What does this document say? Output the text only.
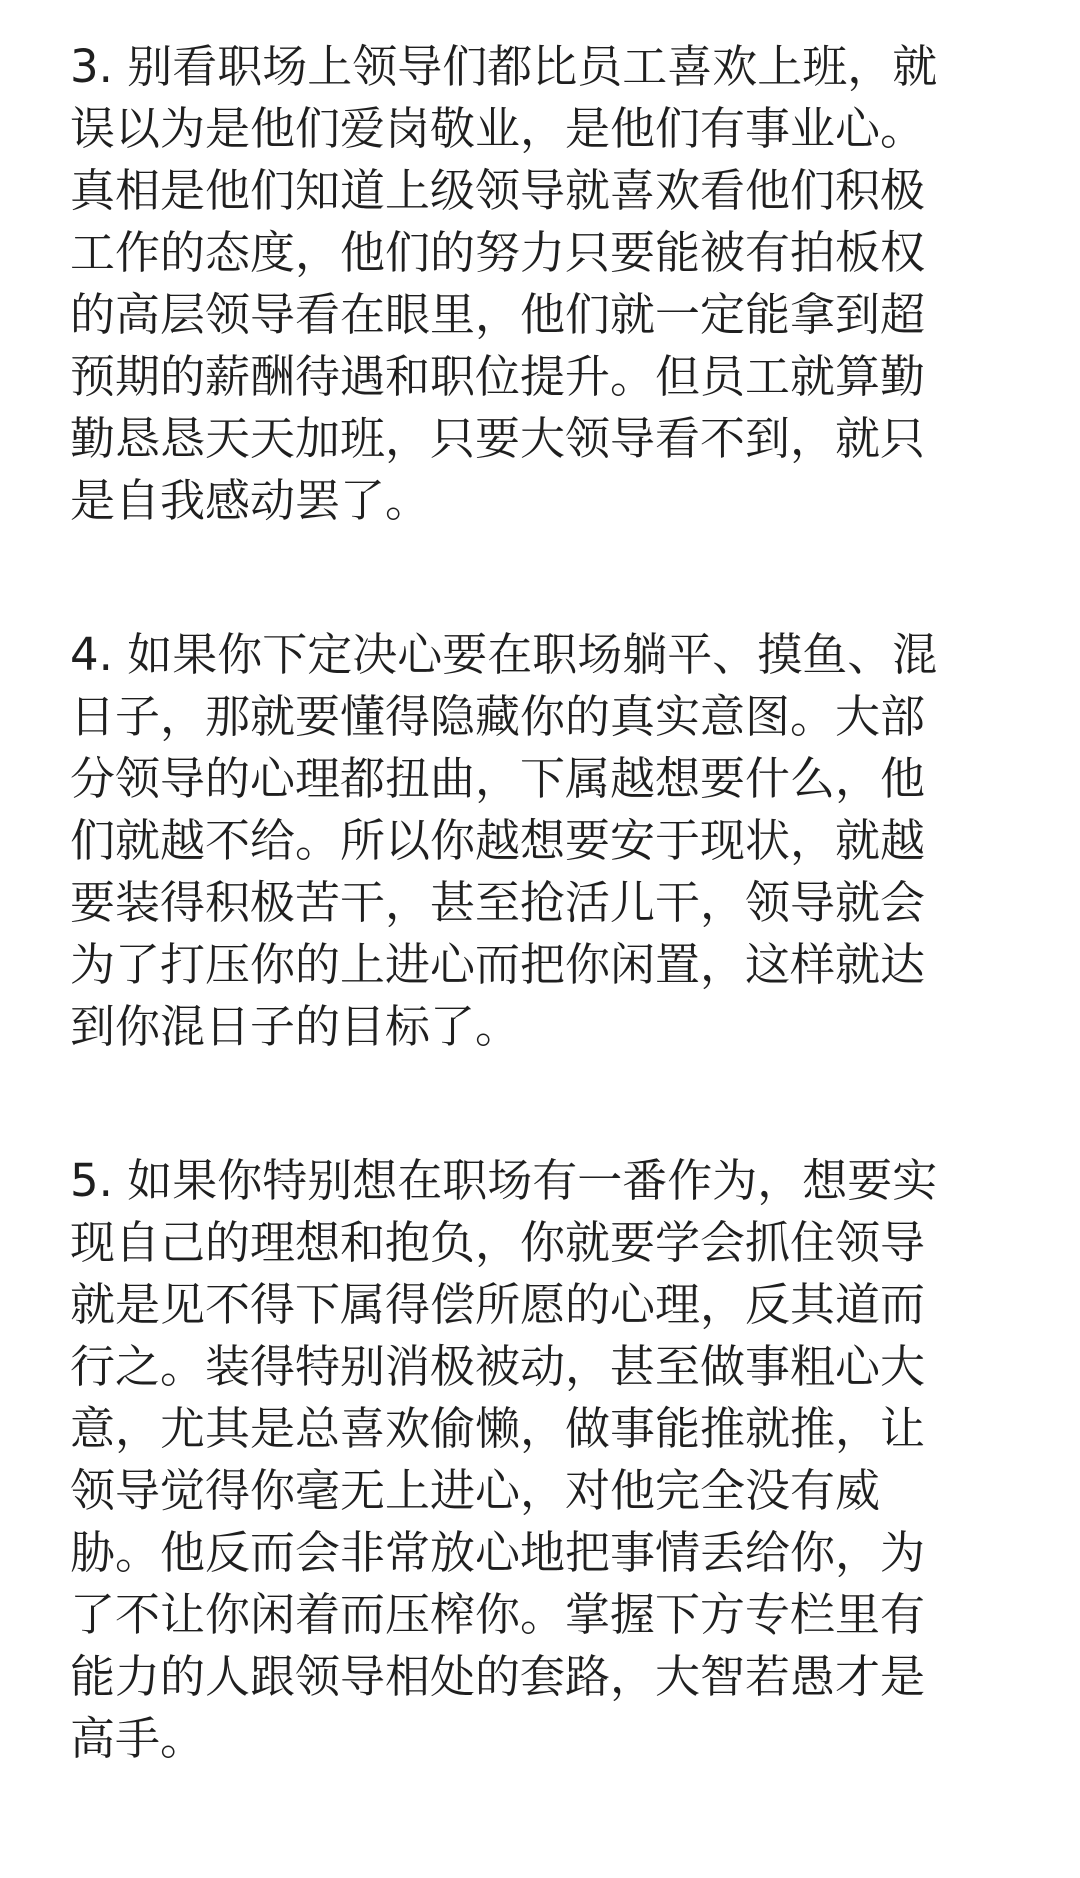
3. 别看职场上领导们都比员工喜欢上班，就
误以为是他们爱岗敬业，是他们有事业心。
真相是他们知道上级领导就喜欢看他们积极
工作的态度，他们的努力只要能被有拍板权
的高层领导看在眼里，他们就一定能拿到超
预期的薪酬待遇和职位提升。但员工就算勤
勤恳恳天天加班，只要大领导看不到，就只
是自我感动罢了。
4. 如果你下定决心要在职场躺平、摸鱼、混
日子，那就要懂得隐藏你的真实意图。大部
分领导的心理都扭曲，下属越想要什么，他
们就越不给。所以你越想要安于现状，就越
要装得积极苦干，甚至抢活儿干，领导就会
为了打压你的上进心而把你闲置，这样就达
到你混日子的目标了。
5. 如果你特别想在职场有一番作为，想要实
现自己的理想和抱负，你就要学会抓住领导
就是见不得下属得偿所愿的心理，反其道而
行之。装得特别消极被动，甚至做事粗心大
意，尤其是总喜欢偷懒，做事能推就推，让
领导觉得你毫无上进心，对他完全没有威
胁。他反而会非常放心地把事情丢给你，为
了不让你闲着而压榨你。掌握下方专栏里有
能力的人跟领导相处的套路，大智若愚才是
高手。
